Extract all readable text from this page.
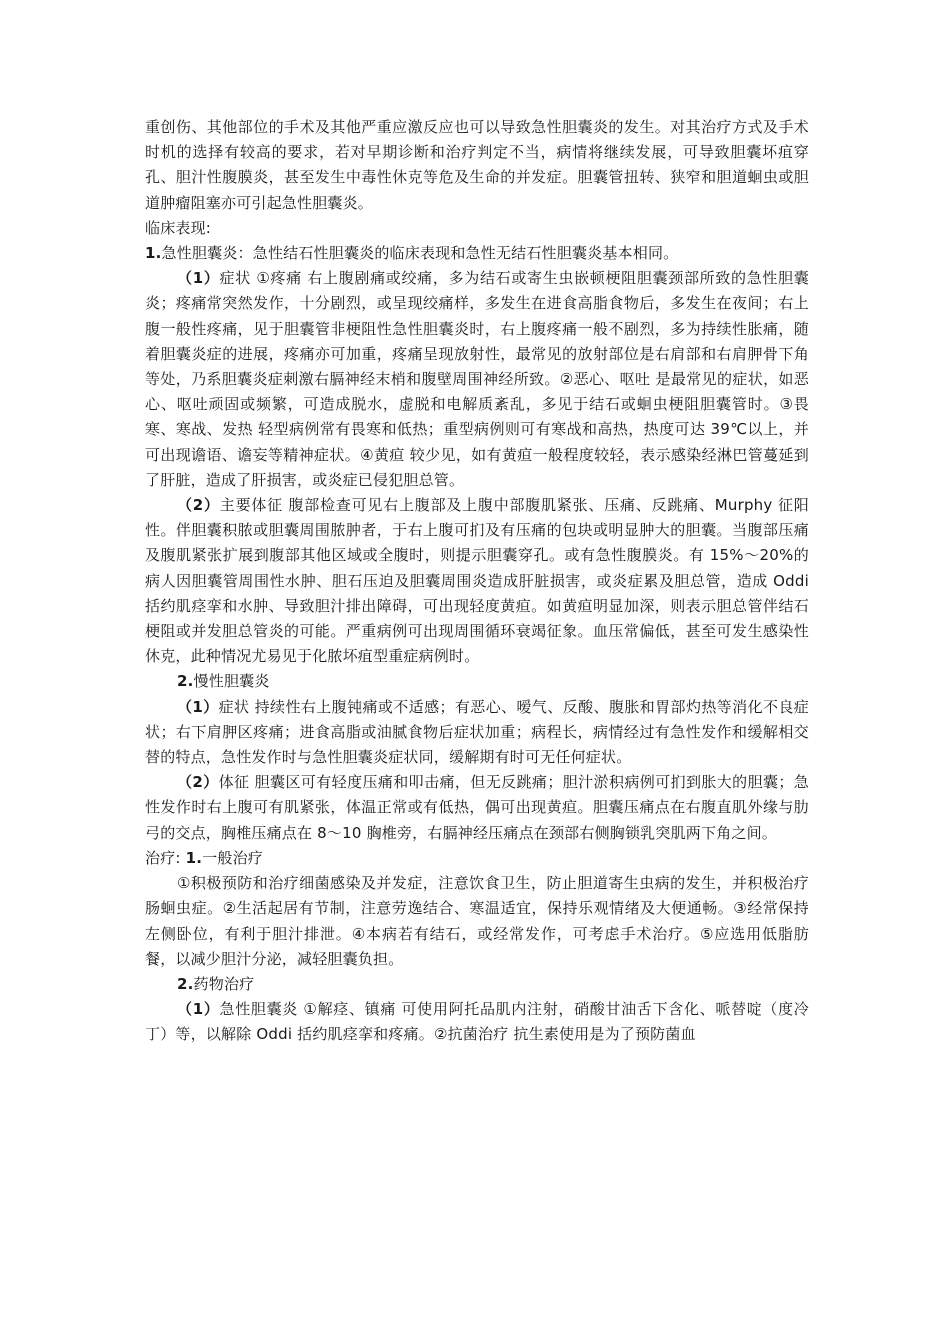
重创伤、其他部位的手术及其他严重应激反应也可以导致急性胆囊炎的发生。对其治疗方式及手术时机的选择有较高的要求，若对早期诊断和治疗判定不当，病情将继续发展，可导致胆囊坏疽穿孔、胆汁性腹膜炎，甚至发生中毒性休克等危及生命的并发症。胆囊管扭转、狭窄和胆道蛔虫或胆道肿瘤阻塞亦可引起急性胆囊炎。

临床表现:

1.急性胆囊炎：急性结石性胆囊炎的临床表现和急性无结石性胆囊炎基本相同。

（1）症状 ①疼痛 右上腹剧痛或绞痛，多为结石或寄生虫嵌顿梗阻胆囊颈部所致的急性胆囊炎；疼痛常突然发作，十分剧烈，或呈现绞痛样，多发生在进食高脂食物后，多发生在夜间；右上腹一般性疼痛，见于胆囊管非梗阻性急性胆囊炎时，右上腹疼痛一般不剧烈，多为持续性胀痛，随着胆囊炎症的进展，疼痛亦可加重，疼痛呈现放射性，最常见的放射部位是右肩部和右肩胛骨下角等处，乃系胆囊炎症刺激右膈神经末梢和腹壁周围神经所致。②恶心、呕吐 是最常见的症状，如恶心、呕吐顽固或频繁，可造成脱水，虚脱和电解质紊乱，多见于结石或蛔虫梗阻胆囊管时。③畏寒、寒战、发热 轻型病例常有畏寒和低热；重型病例则可有寒战和高热，热度可达 39℃以上，并可出现谵语、谵妄等精神症状。④黄疸 较少见，如有黄疸一般程度较轻，表示感染经淋巴管蔓延到了肝脏，造成了肝损害，或炎症已侵犯胆总管。

（2）主要体征 腹部检查可见右上腹部及上腹中部腹肌紧张、压痛、反跳痛、Murphy 征阳性。伴胆囊积脓或胆囊周围脓肿者，于右上腹可扪及有压痛的包块或明显肿大的胆囊。当腹部压痛及腹肌紧张扩展到腹部其他区域或全腹时，则提示胆囊穿孔。或有急性腹膜炎。有 15%～20%的病人因胆囊管周围性水肿、胆石压迫及胆囊周围炎造成肝脏损害，或炎症累及胆总管，造成 Oddi 括约肌痉挛和水肿、导致胆汁排出障碍，可出现轻度黄疸。如黄疸明显加深，则表示胆总管伴结石梗阻或并发胆总管炎的可能。严重病例可出现周围循环衰竭征象。血压常偏低，甚至可发生感染性休克，此种情况尤易见于化脓坏疽型重症病例时。

2.慢性胆囊炎

（1）症状 持续性右上腹钝痛或不适感；有恶心、嗳气、反酸、腹胀和胃部灼热等消化不良症状；右下肩胛区疼痛；进食高脂或油腻食物后症状加重；病程长，病情经过有急性发作和缓解相交替的特点，急性发作时与急性胆囊炎症状同，缓解期有时可无任何症状。

（2）体征 胆囊区可有轻度压痛和叩击痛，但无反跳痛；胆汁淤积病例可扪到胀大的胆囊；急性发作时右上腹可有肌紧张，体温正常或有低热，偶可出现黄疸。胆囊压痛点在右腹直肌外缘与肋弓的交点，胸椎压痛点在 8～10 胸椎旁，右膈神经压痛点在颈部右侧胸锁乳突肌两下角之间。

治疗: 1.一般治疗

①积极预防和治疗细菌感染及并发症，注意饮食卫生，防止胆道寄生虫病的发生，并积极治疗肠蛔虫症。②生活起居有节制，注意劳逸结合、寒温适宜，保持乐观情绪及大便通畅。③经常保持左侧卧位，有利于胆汁排泄。④本病若有结石，或经常发作，可考虑手术治疗。⑤应选用低脂肪餐，以减少胆汁分泌，减轻胆囊负担。

2.药物治疗

（1）急性胆囊炎 ①解痉、镇痛 可使用阿托品肌内注射，硝酸甘油舌下含化、哌替啶（度冷丁）等，以解除 Oddi 括约肌痉挛和疼痛。②抗菌治疗 抗生素使用是为了预防菌血
